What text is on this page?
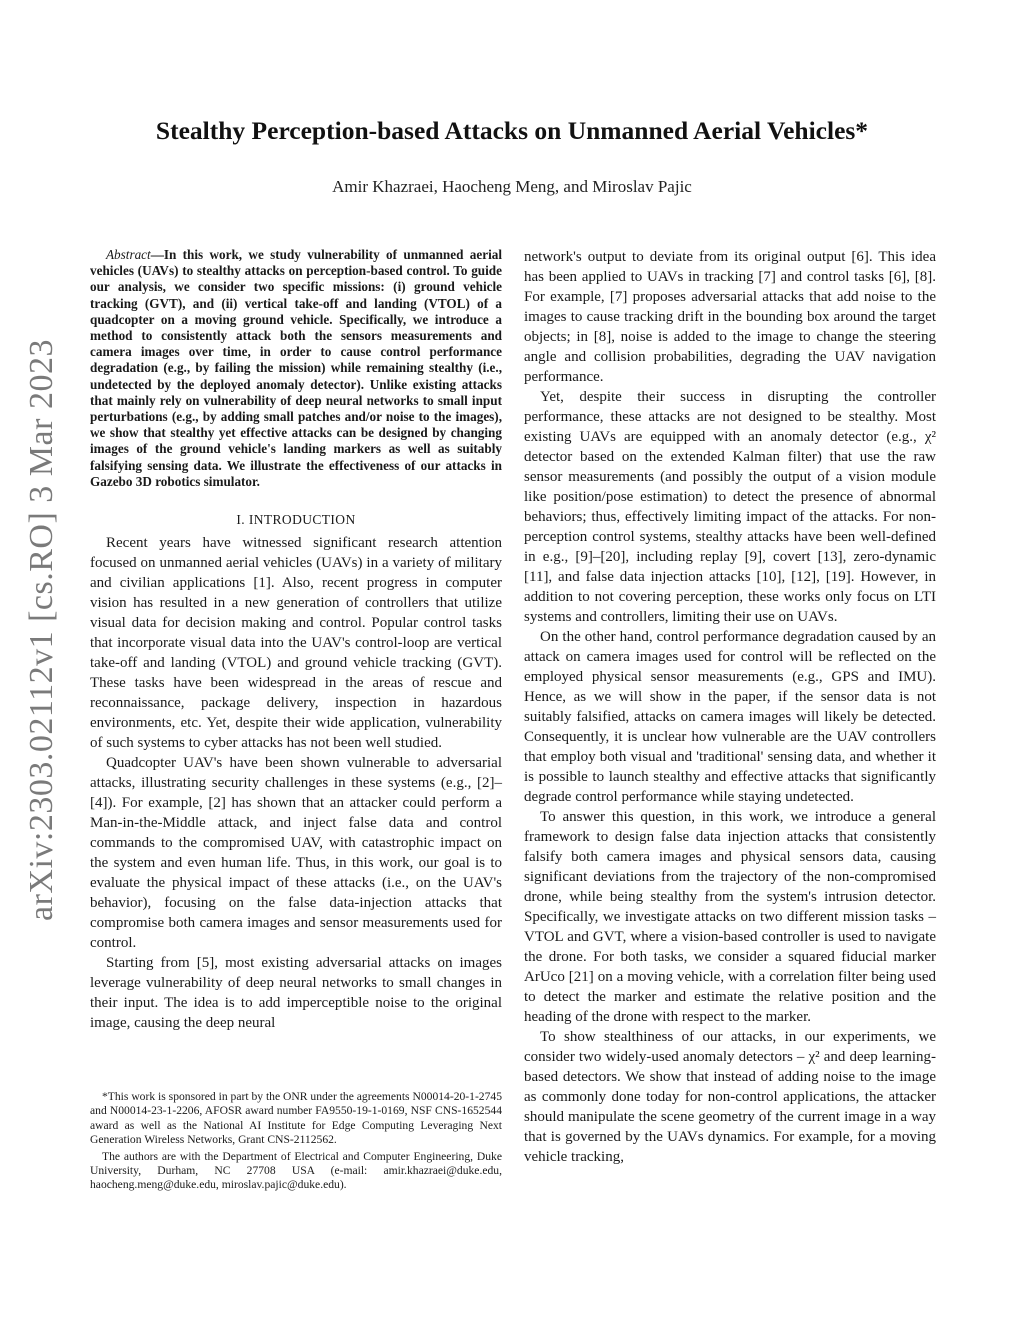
arXiv:2303.02112v1 [cs.RO] 3 Mar 2023
Stealthy Perception-based Attacks on Unmanned Aerial Vehicles*
Amir Khazraei, Haocheng Meng, and Miroslav Pajic

Abstract—In this work, we study vulnerability of unmanned aerial vehicles (UAVs) to stealthy attacks on perception-based control. To guide our analysis, we consider two specific missions: (i) ground vehicle tracking (GVT), and (ii) vertical take-off and landing (VTOL) of a quadcopter on a moving ground vehicle. Specifically, we introduce a method to consistently attack both the sensors measurements and camera images over time, in order to cause control performance degradation (e.g., by failing the mission) while remaining stealthy (i.e., undetected by the deployed anomaly detector). Unlike existing attacks that mainly rely on vulnerability of deep neural networks to small input perturbations (e.g., by adding small patches and/or noise to the images), we show that stealthy yet effective attacks can be designed by changing images of the ground vehicle's landing markers as well as suitably falsifying sensing data. We illustrate the effectiveness of our attacks in Gazebo 3D robotics simulator.

I. INTRODUCTION

Recent years have witnessed significant research attention focused on unmanned aerial vehicles (UAVs) in a variety of military and civilian applications [1]. Also, recent progress in computer vision has resulted in a new generation of controllers that utilize visual data for decision making and control. Popular control tasks that incorporate visual data into the UAV's control-loop are vertical take-off and landing (VTOL) and ground vehicle tracking (GVT). These tasks have been widespread in the areas of rescue and reconnaissance, package delivery, inspection in hazardous environments, etc. Yet, despite their wide application, vulnerability of such systems to cyber attacks has not been well studied.

Quadcopter UAV's have been shown vulnerable to adversarial attacks, illustrating security challenges in these systems (e.g., [2]–[4]). For example, [2] has shown that an attacker could perform a Man-in-the-Middle attack, and inject false data and control commands to the compromised UAV, with catastrophic impact on the system and even human life. Thus, in this work, our goal is to evaluate the physical impact of these attacks (i.e., on the UAV's behavior), focusing on the false data-injection attacks that compromise both camera images and sensor measurements used for control.

Starting from [5], most existing adversarial attacks on images leverage vulnerability of deep neural networks to small changes in their input. The idea is to add imperceptible noise to the original image, causing the deep neural

network's output to deviate from its original output [6]. This idea has been applied to UAVs in tracking [7] and control tasks [6], [8]. For example, [7] proposes adversarial attacks that add noise to the images to cause tracking drift in the bounding box around the target objects; in [8], noise is added to the image to change the steering angle and collision probabilities, degrading the UAV navigation performance.

Yet, despite their success in disrupting the controller performance, these attacks are not designed to be stealthy. Most existing UAVs are equipped with an anomaly detector (e.g., χ² detector based on the extended Kalman filter) that use the raw sensor measurements (and possibly the output of a vision module like position/pose estimation) to detect the presence of abnormal behaviors; thus, effectively limiting impact of the attacks. For non-perception control systems, stealthy attacks have been well-defined in e.g., [9]–[20], including replay [9], covert [13], zero-dynamic [11], and false data injection attacks [10], [12], [19]. However, in addition to not covering perception, these works only focus on LTI systems and controllers, limiting their use on UAVs.

On the other hand, control performance degradation caused by an attack on camera images used for control will be reflected on the employed physical sensor measurements (e.g., GPS and IMU). Hence, as we will show in the paper, if the sensor data is not suitably falsified, attacks on camera images will likely be detected. Consequently, it is unclear how vulnerable are the UAV controllers that employ both visual and 'traditional' sensing data, and whether it is possible to launch stealthy and effective attacks that significantly degrade control performance while staying undetected.

To answer this question, in this work, we introduce a general framework to design false data injection attacks that consistently falsify both camera images and physical sensors data, causing significant deviations from the trajectory of the non-compromised drone, while being stealthy from the system's intrusion detector. Specifically, we investigate attacks on two different mission tasks – VTOL and GVT, where a vision-based controller is used to navigate the drone. For both tasks, we consider a squared fiducial marker ArUco [21] on a moving vehicle, with a correlation filter being used to detect the marker and estimate the relative position and the heading of the drone with respect to the marker.

To show stealthiness of our attacks, in our experiments, we consider two widely-used anomaly detectors – χ² and deep learning-based detectors. We show that instead of adding noise to the image as commonly done today for non-control applications, the attacker should manipulate the scene geometry of the current image in a way that is governed by the UAVs dynamics. For example, for a moving vehicle tracking,

*This work is sponsored in part by the ONR under the agreements N00014-20-1-2745 and N00014-23-1-2206, AFOSR award number FA9550-19-1-0169, NSF CNS-1652544 award as well as the National AI Institute for Edge Computing Leveraging Next Generation Wireless Networks, Grant CNS-2112562.

The authors are with the Department of Electrical and Computer Engineering, Duke University, Durham, NC 27708 USA (e-mail: amir.khazraei@duke.edu, haocheng.meng@duke.edu, miroslav.pajic@duke.edu).
